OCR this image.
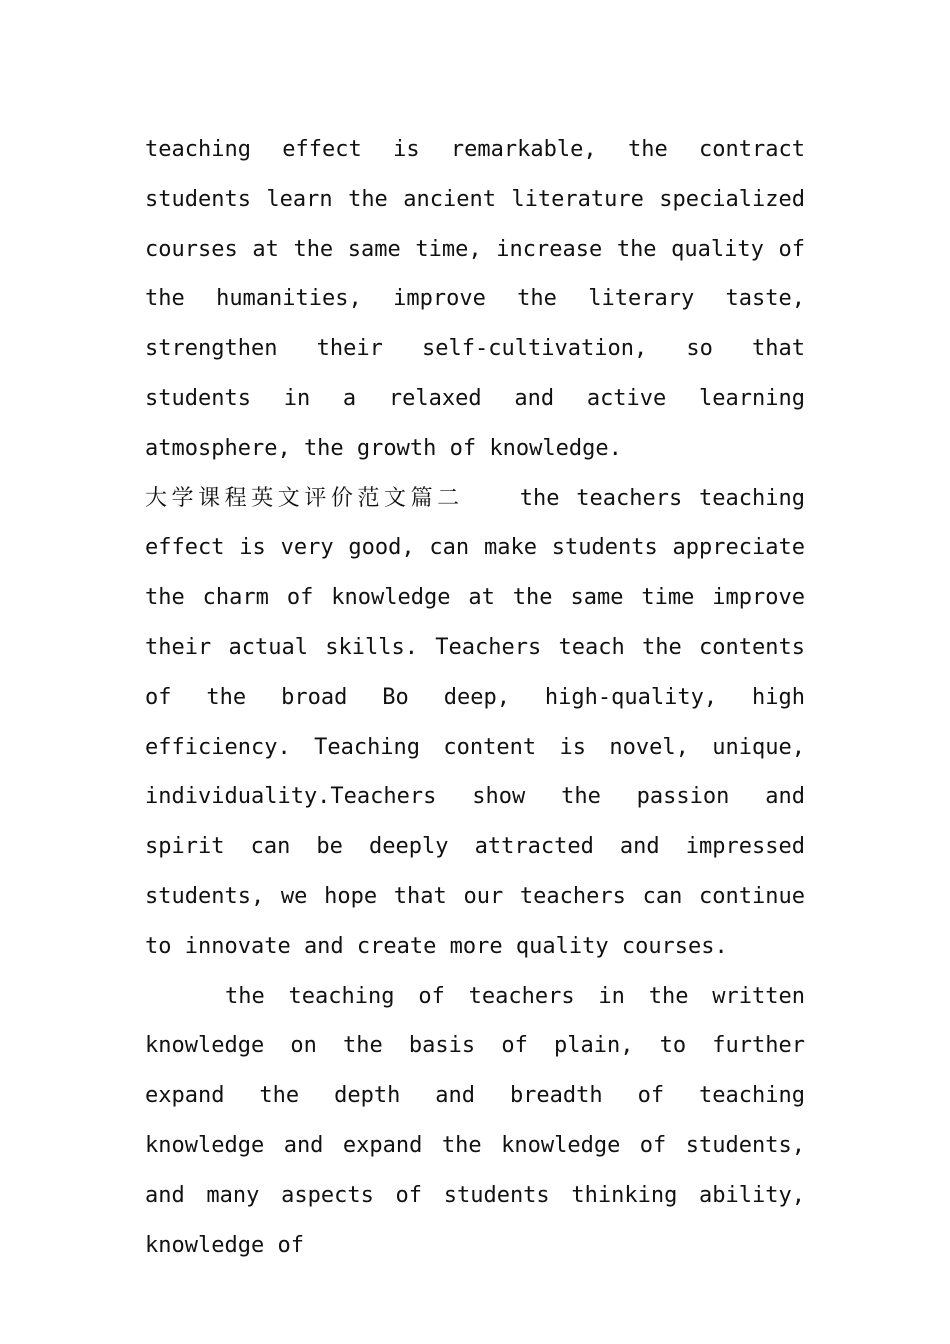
teaching effect is remarkable, the contract students learn the ancient literature specialized courses at the same time, increase the quality of the humanities, improve the literary taste, strengthen their self-cultivation, so that students in a relaxed and active learning atmosphere, the growth of knowledge.

大学课程英文评价范文篇二	the teachers teaching effect is very good, can make students appreciate the charm of knowledge at the same time improve their actual skills. Teachers teach the contents of the broad Bo deep, high-quality, high efficiency. Teaching content is novel, unique, individuality.Teachers show the passion and spirit can be deeply attracted and impressed students, we hope that our teachers can continue to innovate and create more quality courses.

the teaching of teachers in the written knowledge on the basis of plain, to further expand the depth and breadth of teaching knowledge and expand the knowledge of students, and many aspects of students thinking ability, knowledge of
